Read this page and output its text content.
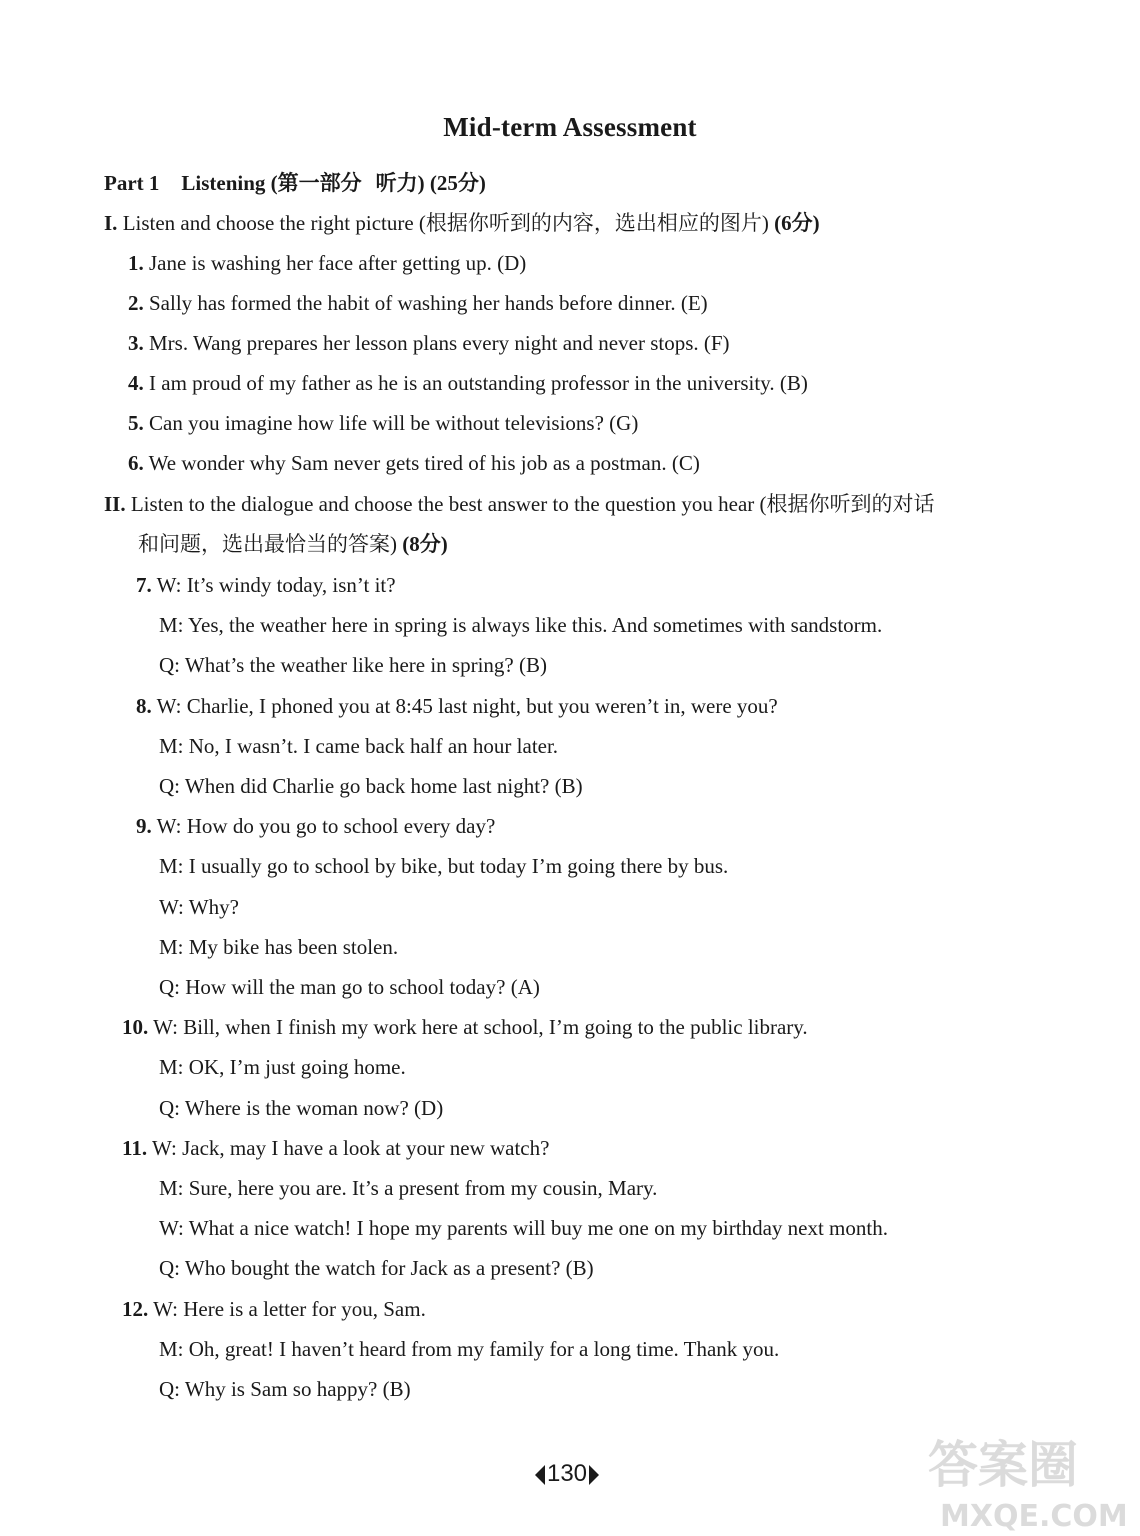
Mid-term Assessment
Part 1 Listening (第一部分 听力) (25分)
I. Listen and choose the right picture (根据你听到的内容，选出相应的图片) (6分)
1. Jane is washing her face after getting up. (D)
2. Sally has formed the habit of washing her hands before dinner. (E)
3. Mrs. Wang prepares her lesson plans every night and never stops. (F)
4. I am proud of my father as he is an outstanding professor in the university. (B)
5. Can you imagine how life will be without televisions? (G)
6. We wonder why Sam never gets tired of his job as a postman. (C)
II. Listen to the dialogue and choose the best answer to the question you hear (根据你听到的对话
和问题，选出最恰当的答案) (8分)
7. W: It’s windy today, isn’t it?
M: Yes, the weather here in spring is always like this. And sometimes with sandstorm.
Q: What’s the weather like here in spring? (B)
8. W: Charlie, I phoned you at 8:45 last night, but you weren’t in, were you?
M: No, I wasn’t. I came back half an hour later.
Q: When did Charlie go back home last night? (B)
9. W: How do you go to school every day?
M: I usually go to school by bike, but today I’m going there by bus.
W: Why?
M: My bike has been stolen.
Q: How will the man go to school today? (A)
10. W: Bill, when I finish my work here at school, I’m going to the public library.
M: OK, I’m just going home.
Q: Where is the woman now? (D)
11. W: Jack, may I have a look at your new watch?
M: Sure, here you are. It’s a present from my cousin, Mary.
W: What a nice watch! I hope my parents will buy me one on my birthday next month.
Q: Who bought the watch for Jack as a present? (B)
12. W: Here is a letter for you, Sam.
M: Oh, great! I haven’t heard from my family for a long time. Thank you.
Q: Why is Sam so happy? (B)
130	答案圈
MXQE.COM
